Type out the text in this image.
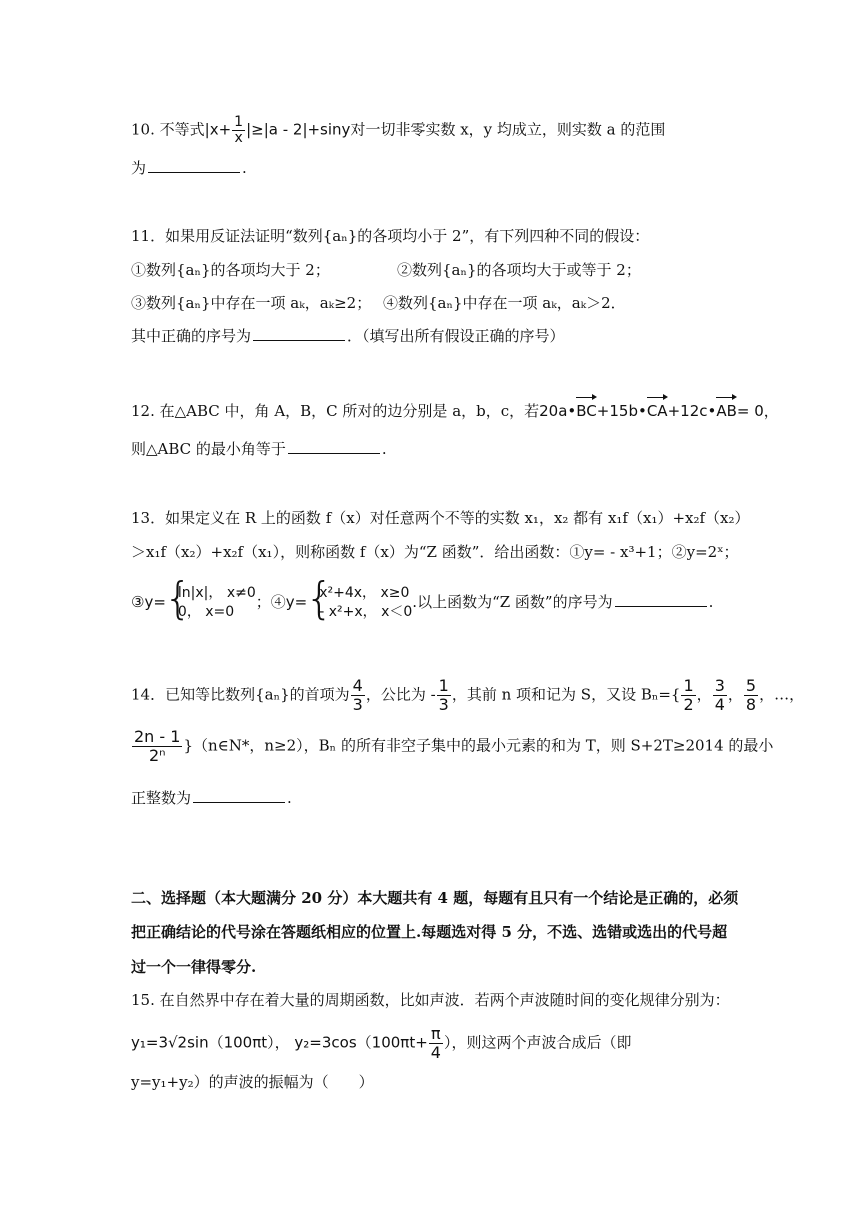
10. 不等式$|x+ \frac{1}{x} |\ge|a - 2|+\sin y$对一切非零实数 x，y 均成立，则实数 a 的范围
为	.
11．如果用反证法证明“数列{aₙ}的各项均小于 2”，有下列四种不同的假设：
①数列{aₙ}的各项均大于 2；	②数列{aₙ}的各项均大于或等于 2；
③数列{aₙ}中存在一项 aₖ，aₖ≥2； ④数列{aₙ}中存在一项 aₖ，aₖ＞2．
其中正确的序号为	．（填写出所有假设正确的序号）
12. 在△ABC 中，角 A，B，C 所对的边分别是 a，b，c，若20a•BC+15b•CA+12c•AB= 0，
则△ABC 的最小角等于	.
13．如果定义在 R 上的函数 f（x）对任意两个不等的实数 x₁，x₂ 都有 x₁f（x₁）+x₂f（x₂）
＞x₁f（x₂）+x₂f（x₁），则称函数 f（x）为“Z 函数”．给出函数：①y= - x³+1；②y=2ˣ；
③y= { ln|x|， x≠0
0， x=0
；④y= { x²+4x， x≥0
- x²+x， x＜0
.以上函数为“Z 函数”的序号为	.
14．已知等比数列{aₙ}的首项为 $\frac{4}{3}$ ，公比为 - $\frac{1}{3}$ ，其前 n 项和记为 S，又设 $B_n=\{ \frac{1}{2}$ ， $\frac{3}{4}$ ， $\frac{5}{8}$ ，…，
$\frac{2n - 1}{\text{2ⁿ}}$ }（n∈N*，n≥2），Bₙ 的所有非空子集中的最小元素的和为 T，则 S+2T≥2014 的最小
正整数为	.
二、选择题（本大题满分 20 分）本大题共有 4 题，每题有且只有一个结论是正确的，必须
把正确结论的代号涂在答题纸相应的位置上.每题选对得 5 分，不选、选错或选出的代号超
过一个一律得零分.
15. 在自然界中存在着大量的周期函数，比如声波．若两个声波随时间的变化规律分别为：
y₁=3√2sin（100πt）， $y_2=3\cos(100\pi t+ \frac{\pi}{4}$ ），则这两个声波合成后（即
y=y₁+y₂）的声波的振幅为（　　）
